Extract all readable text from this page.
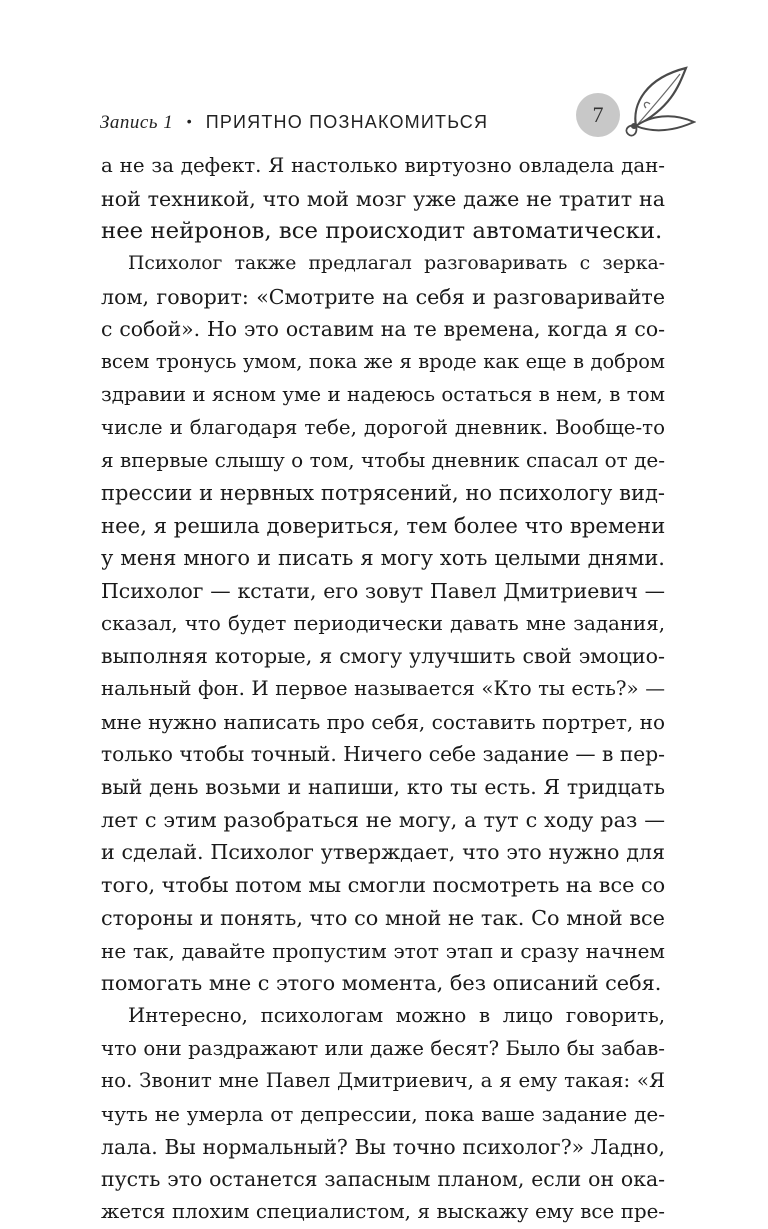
Запись 1 • ПРИЯТНО ПОЗНАКОМИТЬСЯ	7
а не за дефект. Я настолько виртуозно овладела дан-
ной техникой, что мой мозг уже даже не тратит на
нее нейронов, все происходит автоматически.
Психолог также предлагал разговаривать с зерка-
лом, говорит: «Смотрите на себя и разговаривайте
с собой». Но это оставим на те времена, когда я со-
всем тронусь умом, пока же я вроде как еще в добром
здравии и ясном уме и надеюсь остаться в нем, в том
числе и благодаря тебе, дорогой дневник. Вообще-то
я впервые слышу о том, чтобы дневник спасал от де-
прессии и нервных потрясений, но психологу вид-
нее, я решила довериться, тем более что времени
у меня много и писать я могу хоть целыми днями.
Психолог — кстати, его зовут Павел Дмитриевич —
сказал, что будет периодически давать мне задания,
выполняя которые, я смогу улучшить свой эмоцио-
нальный фон. И первое называется «Кто ты есть?» —
мне нужно написать про себя, составить портрет, но
только чтобы точный. Ничего себе задание — в пер-
вый день возьми и напиши, кто ты есть. Я тридцать
лет с этим разобраться не могу, а тут с ходу раз —
и сделай. Психолог утверждает, что это нужно для
того, чтобы потом мы смогли посмотреть на все со
стороны и понять, что со мной не так. Со мной все
не так, давайте пропустим этот этап и сразу начнем
помогать мне с этого момента, без описаний себя.
Интересно, психологам можно в лицо говорить,
что они раздражают или даже бесят? Было бы забав-
но. Звонит мне Павел Дмитриевич, а я ему такая: «Я
чуть не умерла от депрессии, пока ваше задание де-
лала. Вы нормальный? Вы точно психолог?» Ладно,
пусть это останется запасным планом, если он ока-
жется плохим специалистом, я выскажу ему все пре-
